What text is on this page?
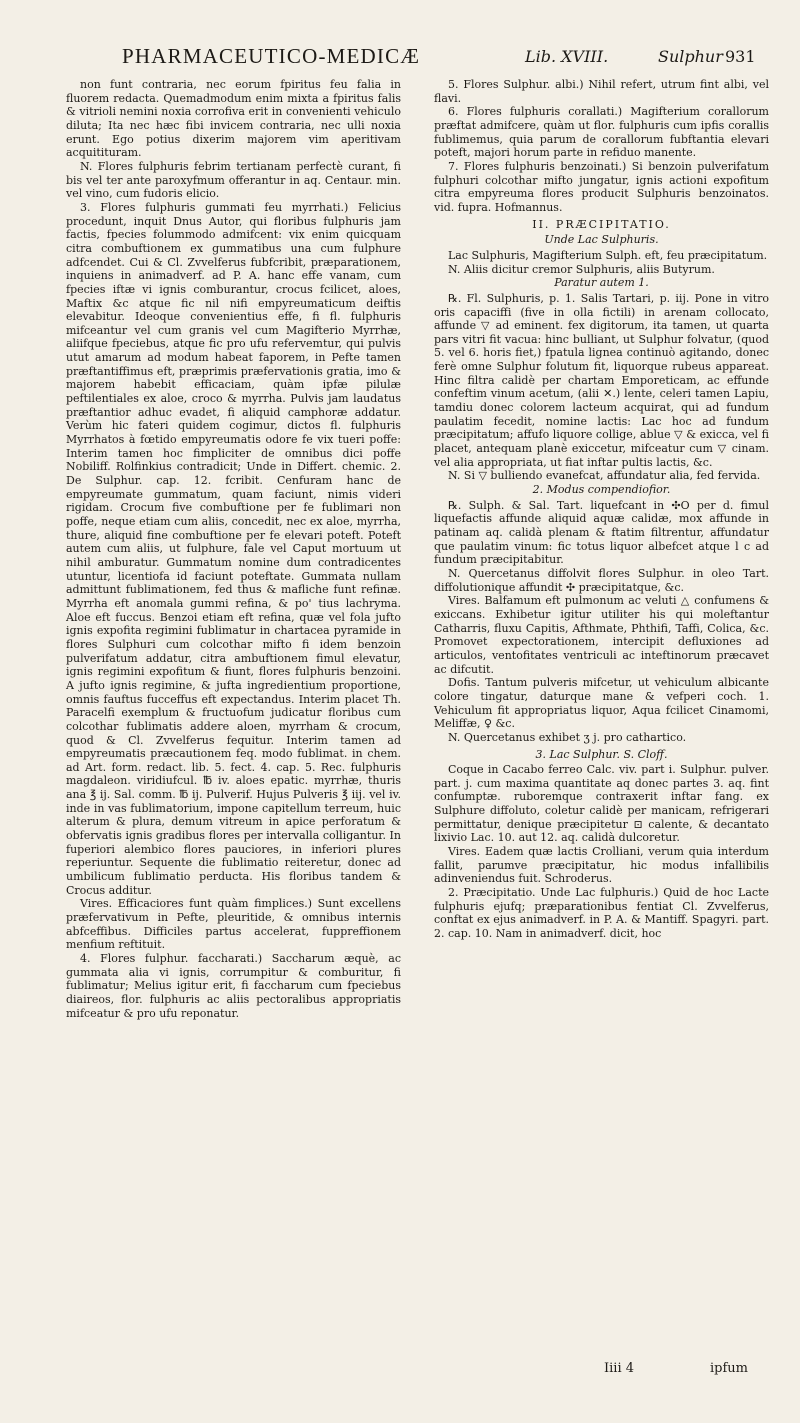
PHARMACEUTICO-MEDICÆ	Lib. XVIII.	Sulphur 931

non funt contraria, nec eorum fpiritus feu falia in fluorem redacta. Quemadmodum enim mixta a fpiritus falis & vitrioli nemini noxia corrofiva erit in convenienti vehiculo diluta; Ita nec hæc fibi invicem contraria, nec ulli noxia erunt. Ego potius dixerim majorem vim aperitivam acquitituram.

N. Flores fulphuris febrim tertianam perfectè curant, fi bis vel ter ante paroxyfmum offerantur in aq. Centaur. min. vel vino, cum fudoris elicio.

3. Flores fulphuris gummati feu myrrhati.) Felicius procedunt, inquit Dnus Autor, qui floribus fulphuris jam factis, fpecies folummodo admifcent: vix enim quicquam citra combuftionem ex gummatibus una cum fulphure adfcendet. Cui & Cl. Zvvelferus fubfcribit, præparationem, inquiens in animadverf. ad P. A. hanc effe vanam, cum fpecies iftæ vi ignis comburantur, crocus fcilicet, aloes, Maftix &c atque fic nil nifi empyreumaticum deiftis elevabitur. Ideoque convenientius effe, fi fl. fulphuris mifceantur vel cum granis vel cum Magifterio Myrrhæ, aliifque fpeciebus, atque fic pro ufu refervemtur, qui pulvis utut amarum ad modum habeat faporem, in Pefte tamen præftantiffimus eft, præprimis præfervationis gratia, imo & majorem habebit efficaciam, quàm ipfæ pilulæ peftilentiales ex aloe, croco & myrrha. Pulvis jam laudatus præftantior adhuc evadet, fi aliquid camphoræ addatur. Verùm hic fateri quidem cogimur, dictos fl. fulphuris Myrrhatos à fœtido empyreumatis odore fe vix tueri poffe: Interim tamen hoc fimpliciter de omnibus dici poffe Nobiliff. Rolfinkius contradicit; Unde in Differt. chemic. 2. De Sulphur. cap. 12. fcribit. Cenfuram hanc de empyreumate gummatum, quam faciunt, nimis videri rigidam. Crocum five combuftione per fe fublimari non poffe, neque etiam cum aliis, concedit, nec ex aloe, myrrha, thure, aliquid fine combuftione per fe elevari poteft. Poteft autem cum aliis, ut fulphure, fale vel Caput mortuum ut nihil amburatur. Gummatum nomine dum contradicentes utuntur, licentiofa id faciunt poteftate. Gummata nullam admittunt fublimationem, fed thus & mafliche funt refinæ. Myrrha eft anomala gummi refina, & po' tius lachryma. Aloe eft fuccus. Benzoi etiam eft refina, quæ vel fola jufto ignis expofita regimini fublimatur in chartacea pyramide in flores Sulphuri cum colcothar mifto fi idem benzoin pulverifatum addatur, citra ambuftionem fimul elevatur, ignis regimini expofitum & fiunt, flores fulphuris benzoini. A jufto ignis regimine, & jufta ingredientium proportione, omnis fauftus fucceffus eft expectandus. Interim placet Th. Paracelfi exemplum & fructuofum judicatur floribus cum colcothar fublimatis addere aloen, myrrham & crocum, quod & Cl. Zvvelferus fequitur. Interim tamen ad empyreumatis præcautionem feq. modo fublimat. in chem. ad Art. form. redact. lib. 5. fect. 4. cap. 5. Rec. fulphuris magdaleon. viridiufcul. ℔ iv. aloes epatic. myrrhæ, thuris ana ℥ ij. Sal. comm. ℔ ij. Pulverif. Hujus Pulveris ℥ iij. vel iv. inde in vas fublimatorium, impone capitellum terreum, huic alterum & plura, demum vitreum in apice perforatum & obfervatis ignis gradibus flores per intervalla colligantur. In fuperiori alembico flores pauciores, in inferiori plures reperiuntur. Sequente die fublimatio reiteretur, donec ad umbilicum fublimatio perducta. His floribus tandem & Crocus additur.

Vires. Efficaciores funt quàm fimplices.) Sunt excellens præfervativum in Pefte, pleuritide, & omnibus internis abfceffibus. Difficiles partus accelerat, fuppreffionem menfium reftituit.

4. Flores fulphur. faccharati.) Saccharum æquè, ac gummata alia vi ignis, corrumpitur & comburitur, fi fublimatur; Melius igitur erit, fi faccharum cum fpeciebus diaireos, flor. fulphuris ac aliis pectoralibus appropriatis mifceatur & pro ufu reponatur.

5. Flores Sulphur. albi.) Nihil refert, utrum fint albi, vel flavi.

6. Flores fulphuris corallati.) Magifterium corallorum præftat admifcere, quàm ut flor. fulphuris cum ipfis corallis fublimemus, quia parum de corallorum fubftantia elevari poteft, majori horum parte in refiduo manente.

7. Flores fulphuris benzoinati.) Si benzoin pulverifatum fulphuri colcothar mifto jungatur, ignis actioni expofitum citra empyreuma flores producit Sulphuris benzoinatos. vid. fupra. Hofmannus.

II. PRÆCIPITATIO.

Unde Lac Sulphuris.

Lac Sulphuris, Magifterium Sulph. eft, feu præcipitatum.

N. Aliis dicitur cremor Sulphuris, aliis Butyrum.

Paratur autem 1.

℞. Fl. Sulphuris, p. 1. Salis Tartari, p. iij. Pone in vitro oris capaciffi (five in olla fictili) in arenam collocato, affunde ▽ ad eminent. fex digitorum, ita tamen, ut quarta pars vitri fit vacua: hinc bulliant, ut Sulphur folvatur, (quod 5. vel 6. horis fiet,) fpatula lignea continuò agitando, donec ferè omne Sulphur folutum fit, liquorque rubeus appareat. Hinc filtra calidè per chartam Emporeticam, ac effunde confeftim vinum acetum, (alii ✕.) lente, celeri tamen Lapiu, tamdiu donec colorem lacteum acquirat, qui ad fundum paulatim fecedit, nomine lactis: Lac hoc ad fundum præcipitatum; affufo liquore collige, ablue ▽ & exicca, vel fi placet, antequam planè exiccetur, mifceatur cum ▽ cinam. vel alia appropriata, ut fiat inftar pultis lactis, &c.

N. Si ▽ bulliendo evanefcat, affundatur alia, fed fervida.

2. Modus compendiofior.

℞. Sulph. & Sal. Tart. liquefcant in ✣O per d. fimul liquefactis affunde aliquid aquæ calidæ, mox affunde in patinam aq. calidà plenam & ftatim filtrentur, affundatur que paulatim vinum: fic totus liquor albefcet atque l c ad fundum præcipitabitur.

N. Quercetanus diffolvit flores Sulphur. in oleo Tart. diffolutionique affundit ✣ præcipitatque, &c.

Vires. Balfamum eft pulmonum ac veluti △ confumens & exiccans. Exhibetur igitur utiliter his qui moleftantur Catharris, fluxu Capitis, Afthmate, Phthifi, Taffi, Colica, &c. Promovet expectorationem, intercipit defluxiones ad articulos, ventofitates ventriculi ac inteftinorum præcavet ac difcutit.

Dofis. Tantum pulveris mifcetur, ut vehiculum albicante colore tingatur, daturque mane & vefperi coch. 1. Vehiculum fit appropriatus liquor, Aqua fcilicet Cinamomi, Meliffæ, ♀ &c.

N. Quercetanus exhibet ʒ j. pro cathartico.

3. Lac Sulphur. S. Cloff.

Coque in Cacabo ferreo Calc. viv. part i. Sulphur. pulver. part. j. cum maxima quantitate aq donec partes 3. aq. fint confumptæ. ruboremque contraxerit inftar fang. ex Sulphure diffoluto, coletur calidè per manicam, refrigerari permittatur, denique præcipitetur ⊡ calente, & decantato lixivio Lac. 10. aut 12. aq. calidà dulcoretur.

Vires. Eadem quæ lactis Crolliani, verum quia interdum fallit, parumve præcipitatur, hic modus infallibilis adinveniendus fuit. Schroderus.

2. Præcipitatio. Unde Lac fulphuris.) Quid de hoc Lacte fulphuris ejufq; præparationibus fentiat Cl. Zvvelferus, conftat ex ejus animadverf. in P. A. & Mantiff. Spagyri. part. 2. cap. 10. Nam in animadverf. dicit, hoc

Iiii 4	ipfum
